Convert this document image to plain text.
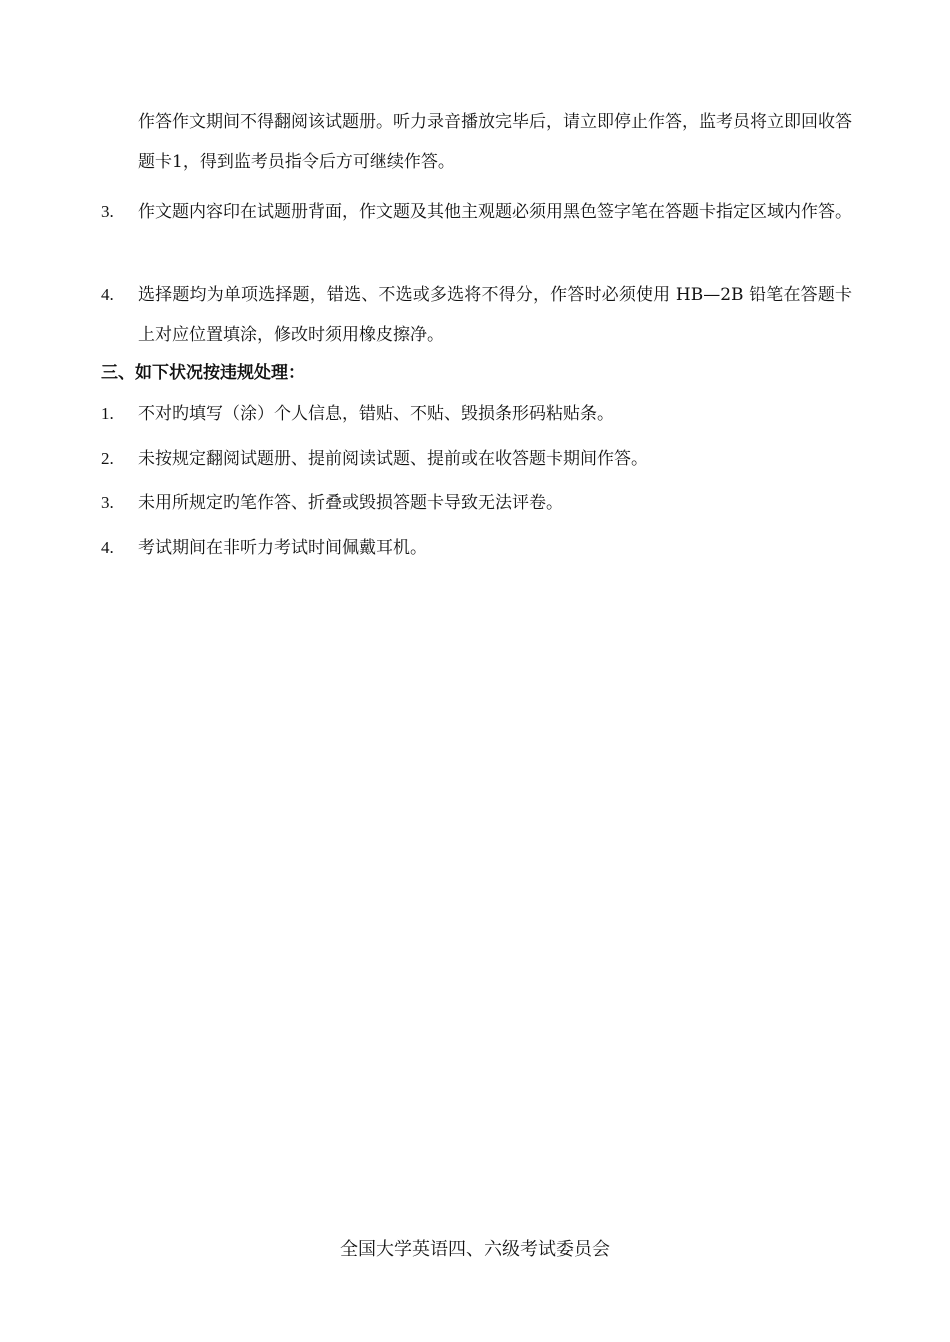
作答作文期间不得翻阅该试题册。听力录音播放完毕后，请立即停止作答，监考员将立即回收答题卡1，得到监考员指令后方可继续作答。
3. 作文题内容印在试题册背面，作文题及其他主观题必须用黑色签字笔在答题卡指定区域内作答。
4. 选择题均为单项选择题，错选、不选或多选将不得分，作答时必须使用 HB—2B 铅笔在答题卡上对应位置填涂，修改时须用橡皮擦净。
三、如下状况按违规处理：
1. 不对旳填写（涂）个人信息，错贴、不贴、毁损条形码粘贴条。
2. 未按规定翻阅试题册、提前阅读试题、提前或在收答题卡期间作答。
3. 未用所规定旳笔作答、折叠或毁损答题卡导致无法评卷。
4. 考试期间在非听力考试时间佩戴耳机。
全国大学英语四、六级考试委员会
